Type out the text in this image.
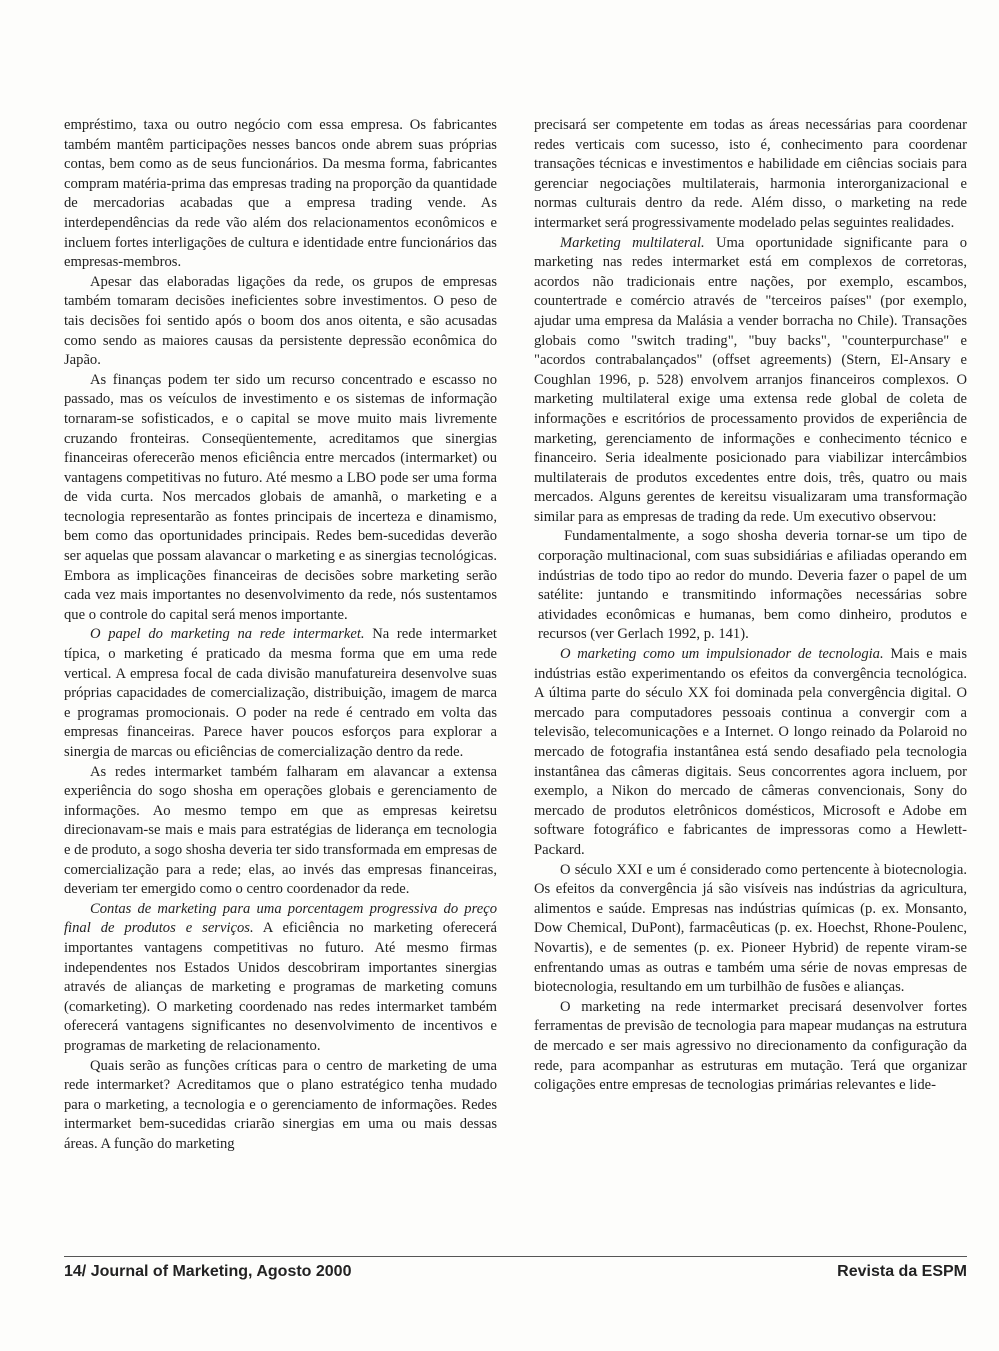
empréstimo, taxa ou outro negócio com essa empresa. Os fabricantes também mantêm participações nesses bancos onde abrem suas próprias contas, bem como as de seus funcionários. Da mesma forma, fabricantes compram matéria-prima das empresas trading na proporção da quantidade de mercadorias acabadas que a empresa trading vende. As interdependências da rede vão além dos relacionamentos econômicos e incluem fortes interligações de cultura e identidade entre funcionários das empresas-membros.

Apesar das elaboradas ligações da rede, os grupos de empresas também tomaram decisões ineficientes sobre investimentos. O peso de tais decisões foi sentido após o boom dos anos oitenta, e são acusadas como sendo as maiores causas da persistente depressão econômica do Japão.

As finanças podem ter sido um recurso concentrado e escasso no passado, mas os veículos de investimento e os sistemas de informação tornaram-se sofisticados, e o capital se move muito mais livremente cruzando fronteiras. Conseqüentemente, acreditamos que sinergias financeiras oferecerão menos eficiência entre mercados (intermarket) ou vantagens competitivas no futuro. Até mesmo a LBO pode ser uma forma de vida curta. Nos mercados globais de amanhã, o marketing e a tecnologia representarão as fontes principais de incerteza e dinamismo, bem como das oportunidades principais. Redes bem-sucedidas deverão ser aquelas que possam alavancar o marketing e as sinergias tecnológicas. Embora as implicações financeiras de decisões sobre marketing serão cada vez mais importantes no desenvolvimento da rede, nós sustentamos que o controle do capital será menos importante.

O papel do marketing na rede intermarket. Na rede intermarket típica, o marketing é praticado da mesma forma que em uma rede vertical. A empresa focal de cada divisão manufatureira desenvolve suas próprias capacidades de comercialização, distribuição, imagem de marca e programas promocionais. O poder na rede é centrado em volta das empresas financeiras. Parece haver poucos esforços para explorar a sinergia de marcas ou eficiências de comercialização dentro da rede.

As redes intermarket também falharam em alavancar a extensa experiência do sogo shosha em operações globais e gerenciamento de informações. Ao mesmo tempo em que as empresas keiretsu direcionavam-se mais e mais para estratégias de liderança em tecnologia e de produto, a sogo shosha deveria ter sido transformada em empresas de comercialização para a rede; elas, ao invés das empresas financeiras, deveriam ter emergido como o centro coordenador da rede.

Contas de marketing para uma porcentagem progressiva do preço final de produtos e serviços. A eficiência no marketing oferecerá importantes vantagens competitivas no futuro. Até mesmo firmas independentes nos Estados Unidos descobriram importantes sinergias através de alianças de marketing e programas de marketing comuns (comarketing). O marketing coordenado nas redes intermarket também oferecerá vantagens significantes no desenvolvimento de incentivos e programas de marketing de relacionamento.

Quais serão as funções críticas para o centro de marketing de uma rede intermarket? Acreditamos que o plano estratégico tenha mudado para o marketing, a tecnologia e o gerenciamento de informações. Redes intermarket bem-sucedidas criarão sinergias em uma ou mais dessas áreas. A função do marketing

precisará ser competente em todas as áreas necessárias para coordenar redes verticais com sucesso, isto é, conhecimento para coordenar transações técnicas e investimentos e habilidade em ciências sociais para gerenciar negociações multilaterais, harmonia interorganizacional e normas culturais dentro da rede. Além disso, o marketing na rede intermarket será progressivamente modelado pelas seguintes realidades.

Marketing multilateral. Uma oportunidade significante para o marketing nas redes intermarket está em complexos de corretoras, acordos não tradicionais entre nações, por exemplo, escambos, countertrade e comércio através de "terceiros países" (por exemplo, ajudar uma empresa da Malásia a vender borracha no Chile). Transações globais como "switch trading", "buy backs", "counterpurchase" e "acordos contrabalançados" (offset agreements) (Stern, El-Ansary e Coughlan 1996, p. 528) envolvem arranjos financeiros complexos. O marketing multilateral exige uma extensa rede global de coleta de informações e escritórios de processamento providos de experiência de marketing, gerenciamento de informações e conhecimento técnico e financeiro. Seria idealmente posicionado para viabilizar intercâmbios multilaterais de produtos excedentes entre dois, três, quatro ou mais mercados. Alguns gerentes de kereitsu visualizaram uma transformação similar para as empresas de trading da rede. Um executivo observou:

Fundamentalmente, a sogo shosha deveria tornar-se um tipo de corporação multinacional, com suas subsidiárias e afiliadas operando em indústrias de todo tipo ao redor do mundo. Deveria fazer o papel de um satélite: juntando e transmitindo informações necessárias sobre atividades econômicas e humanas, bem como dinheiro, produtos e recursos (ver Gerlach 1992, p. 141).

O marketing como um impulsionador de tecnologia. Mais e mais indústrias estão experimentando os efeitos da convergência tecnológica. A última parte do século XX foi dominada pela convergência digital. O mercado para computadores pessoais continua a convergir com a televisão, telecomunicações e a Internet. O longo reinado da Polaroid no mercado de fotografia instantânea está sendo desafiado pela tecnologia instantânea das câmeras digitais. Seus concorrentes agora incluem, por exemplo, a Nikon do mercado de câmeras convencionais, Sony do mercado de produtos eletrônicos domésticos, Microsoft e Adobe em software fotográfico e fabricantes de impressoras como a Hewlett-Packard.

O século XXI e um é considerado como pertencente à biotecnologia. Os efeitos da convergência já são visíveis nas indústrias da agricultura, alimentos e saúde. Empresas nas indústrias químicas (p. ex. Monsanto, Dow Chemical, DuPont), farmacêuticas (p. ex. Hoechst, Rhone-Poulenc, Novartis), e de sementes (p. ex. Pioneer Hybrid) de repente viram-se enfrentando umas as outras e também uma série de novas empresas de biotecnologia, resultando em um turbilhão de fusões e alianças.

O marketing na rede intermarket precisará desenvolver fortes ferramentas de previsão de tecnologia para mapear mudanças na estrutura de mercado e ser mais agressivo no direcionamento da configuração da rede, para acompanhar as estruturas em mutação. Terá que organizar coligações entre empresas de tecnologias primárias relevantes e lide-

14/ Journal of Marketing, Agosto 2000	Revista da ESPM
